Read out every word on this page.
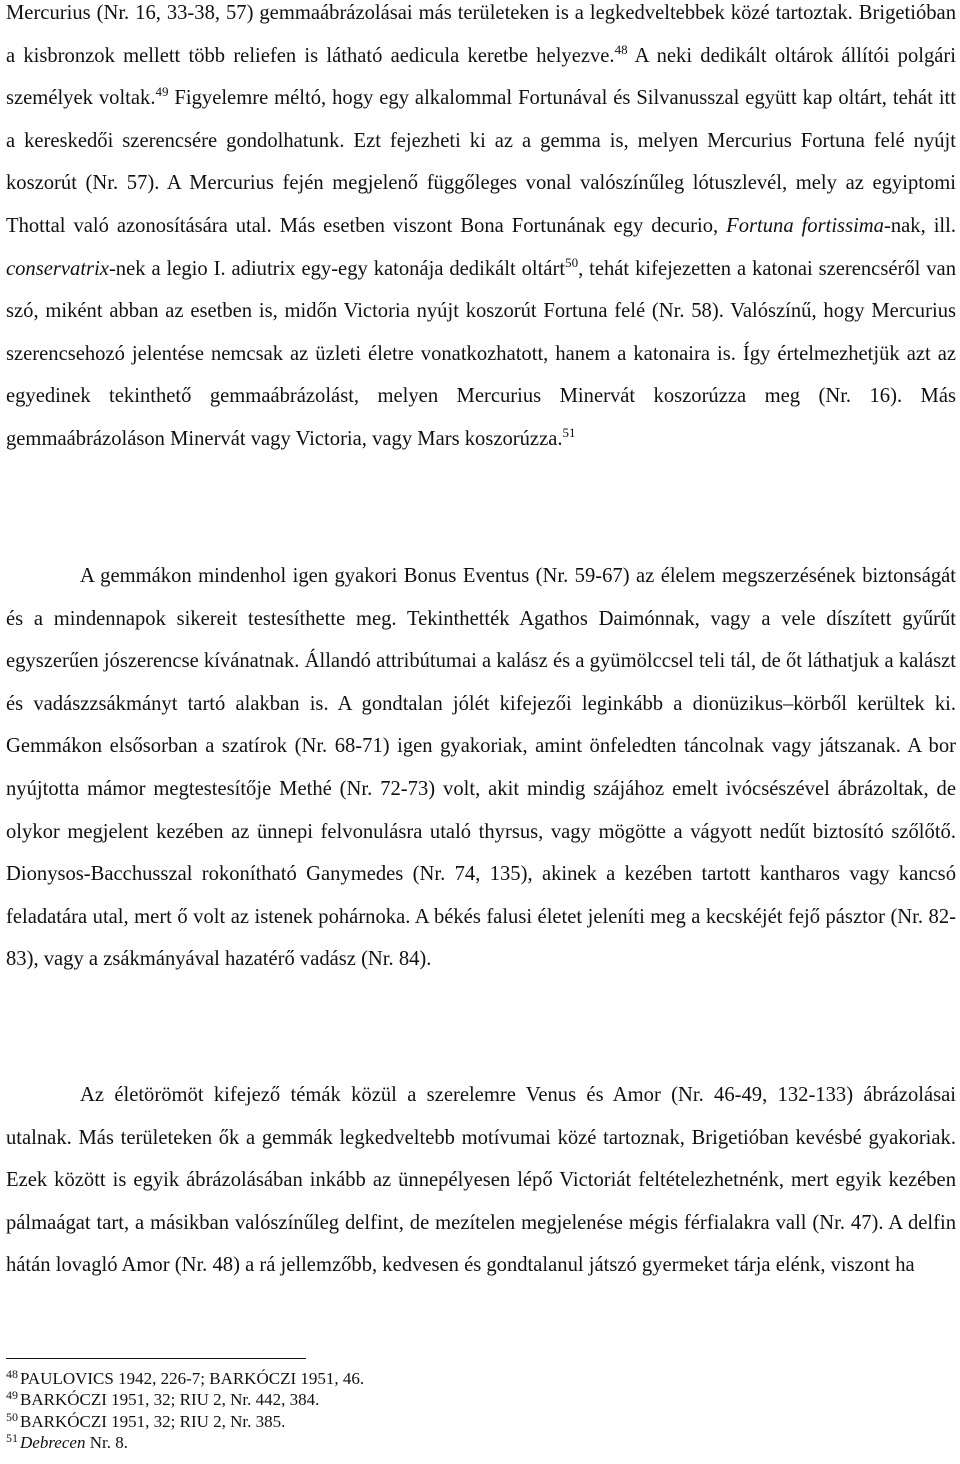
Mercurius (Nr. 16, 33-38, 57) gemmaábrázolásai más területeken is a legkedveltebbek közé tartoztak. Brigetióban a kisbronzok mellett több reliefen is látható aedicula keretbe helyezve.$^{48}$ A neki dedikált oltárok állítói polgári személyek voltak.$^{49}$ Figyelemre méltó, hogy egy alkalommal Fortunával és Silvanusszal együtt kap oltárt, tehát itt a kereskedői szerencsére gondolhatunk. Ezt fejezheti ki az a gemma is, melyen Mercurius Fortuna felé nyújt koszorút (Nr. 57). A Mercurius fején megjelenő függőleges vonal valószínűleg lótuszlevél, mely az egyiptomi Thottal való azonosítására utal. Más esetben viszont Bona Fortunának egy decurio, Fortuna fortissima-nak, ill. conservatrix-nek a legio I. adiutrix egy-egy katonája dedikált oltárt$^{50}$, tehát kifejezetten a katonai szerencséről van szó, miként abban az esetben is, midőn Victoria nyújt koszorút Fortuna felé (Nr. 58). Valószínű, hogy Mercurius szerencsehozó jelentése nemcsak az üzleti életre vonatkozhatott, hanem a katonaira is. Így értelmezhetjük azt az egyedinek tekinthető gemmaábrázolást, melyen Mercurius Minervát koszorúzza meg (Nr. 16). Más gemmaábrázoláson Minervát vagy Victoria, vagy Mars koszorúzza.$^{51}$

A gemmákon mindenhol igen gyakori Bonus Eventus (Nr. 59-67) az élelem megszerzésének biztonságát és a mindennapok sikereit testesíthette meg. Tekinthették Agathos Daimónnak, vagy a vele díszített gyűrűt egyszerűen jószerencse kívánatnak. Állandó attribútumai a kalász és a gyümölccsel teli tál, de őt láthatjuk a kalászt és vadászzsákmányt tartó alakban is. A gondtalan jólét kifejezői leginkább a dionüzikus–körből kerültek ki. Gemmákon elsősorban a szatírok (Nr. 68-71) igen gyakoriak, amint önfeledten táncolnak vagy játszanak. A bor nyújtotta mámor megtestesítője Methé (Nr. 72-73) volt, akit mindig szájához emelt ivócsészével ábrázoltak, de olykor megjelent kezében az ünnepi felvonulásra utaló thyrsus, vagy mögötte a vágyott nedűt biztosító szőlőtő. Dionysos-Bacchusszal rokonítható Ganymedes (Nr. 74, 135), akinek a kezében tartott kantharos vagy kancsó feladatára utal, mert ő volt az istenek pohárnoka. A békés falusi életet jeleníti meg a kecskéjét fejő pásztor (Nr. 82-83), vagy a zsákmányával hazatérő vadász (Nr. 84).

Az életörömöt kifejező témák közül a szerelemre Venus és Amor (Nr. 46-49, 132-133) ábrázolásai utalnak. Más területeken ők a gemmák legkedveltebb motívumai közé tartoznak, Brigetióban kevésbé gyakoriak. Ezek között is egyik ábrázolásában inkább az ünnepélyesen lépő Victoriát feltételezhetnénk, mert egyik kezében pálmaágat tart, a másikban valószínűleg delfint, de mezítelen megjelenése mégis férfialakra vall (Nr. 47). A delfin hátán lovagló Amor (Nr. 48) a rá jellemzőbb, kedvesen és gondtalanul játszó gyermeket tárja elénk, viszont ha

$^{48}$ PAULOVICS 1942, 226-7; BARKÓCZI 1951, 46.

$^{49}$ BARKÓCZI 1951, 32; RIU 2, Nr. 442, 384.

$^{50}$ BARKÓCZI 1951, 32; RIU 2, Nr. 385.

$^{51}$ Debrecen Nr. 8.
